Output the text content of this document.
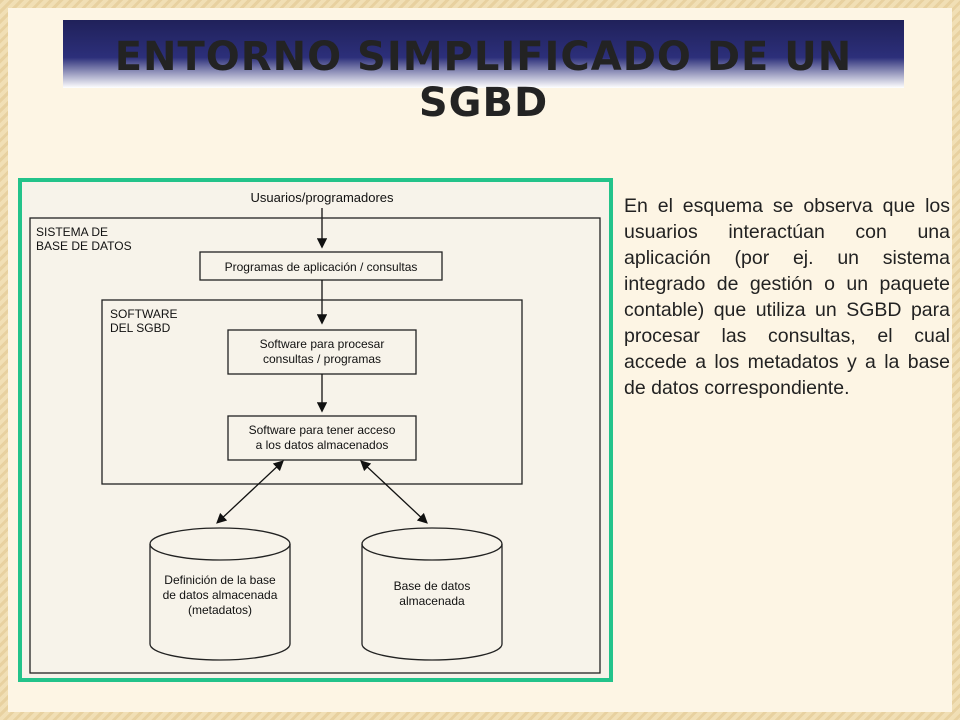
ENTORNO SIMPLIFICADO DE UN SGBD
Usuarios/programadores
SISTEMA DE
BASE DE DATOS
Programas de aplicación / consultas
SOFTWARE
DEL SGBD
Software para procesar
consultas / programas
Software para tener acceso
a los datos almacenados
Definición de la base
de datos almacenada
(metadatos)
Base de datos
almacenada
En el esquema se observa que los usuarios interactúan con una aplicación (por ej. un sistema integrado de gestión o un paquete contable) que utiliza un SGBD para procesar las consultas, el cual accede a los metadatos y a la base de datos correspondiente.
